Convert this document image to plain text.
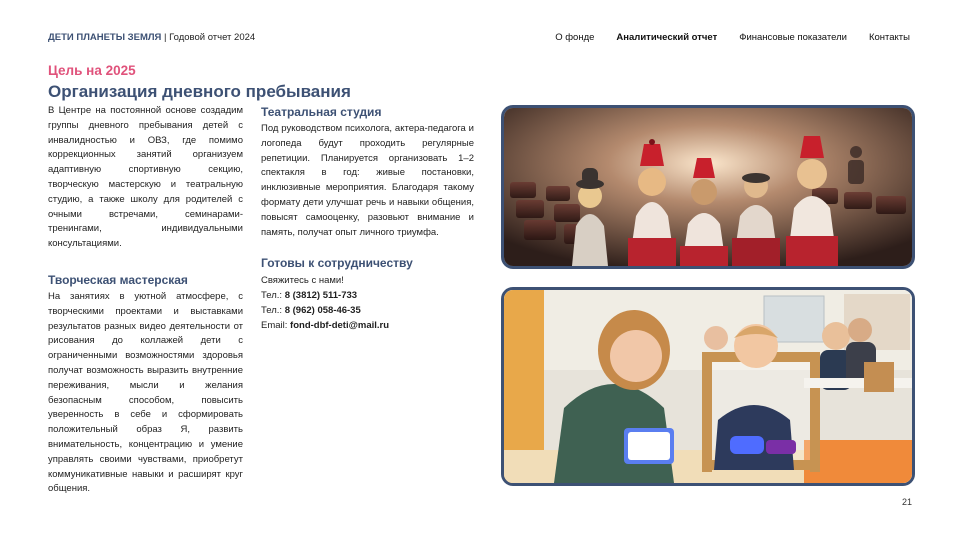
ДЕТИ ПЛАНЕТЫ ЗЕМЛЯ | Годовой отчет 2024	О фонде Аналитический отчет Финансовые показатели Контакты
Цель на 2025
Организация дневного пребывания

В Центре на постоянной основе создадим группы дневного пребывания детей с инвалидностью и ОВЗ, где помимо коррекционных занятий организуем адаптивную спортивную секцию, творческую мастерскую и театральную студию, а также школу для родителей с очными встречами, семинарами-тренингами, индивидуальными консультациями.

Творческая мастерская

На занятиях в уютной атмосфере, с творческими проектами и выставками результатов разных видео деятельности от рисования до коллажей дети с ограниченными возможностями здоровья получат возможность выразить внутренние переживания, мысли и желания безопасным способом, повысить уверенность в себе и сформировать положительный образ Я, развить внимательность, концентрацию и умение управлять своими чувствами, приобретут коммуникативные навыки и расширят круг общения.

Театральная студия

Под руководством психолога, актера-педагога и логопеда будут проходить регулярные репетиции. Планируется организовать 1–2 спектакля в год: живые постановки, инклюзивные мероприятия. Благодаря такому формату дети улучшат речь и навыки общения, повысят самооценку, разовьют внимание и память, получат опыт личного триумфа.

Готовы к сотрудничеству
Свяжитесь с нами!
Тел.: 8 (3812) 511-733
Тел.: 8 (962) 058-46-35
Email: fond-dbf-deti@mail.ru
21
